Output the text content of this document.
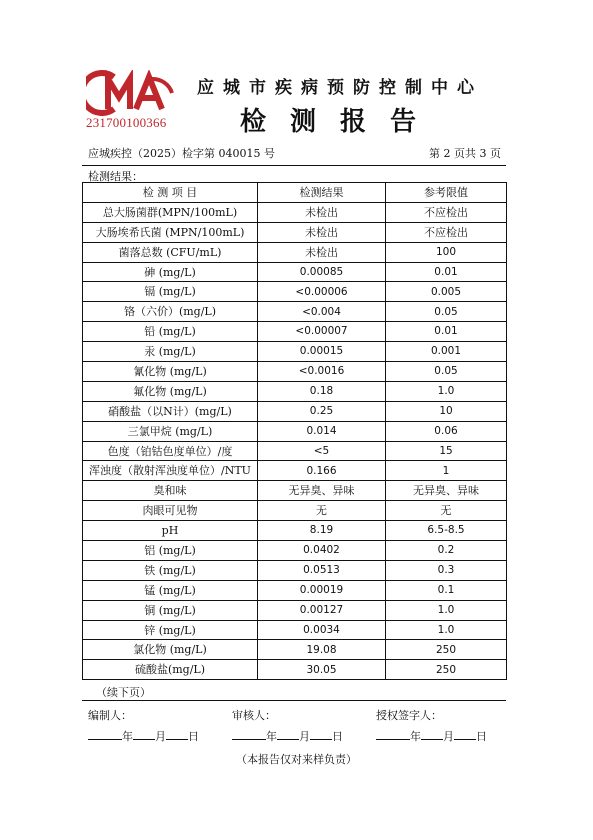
231700100366
应城市疾病预防控制中心
检测报告
应城疾控（2025）检字第 040015 号	第 2 页共 3 页
检测结果：
检 测 项 目	检测结果	参考限值
总大肠菌群(MPN/100mL)	未检出	不应检出
大肠埃希氏菌 (MPN/100mL)	未检出	不应检出
菌落总数 (CFU/mL)	未检出	100
砷 (mg/L)	0.00085	0.01
镉 (mg/L)	<0.00006	0.005
铬（六价）(mg/L)	<0.004	0.05
铅 (mg/L)	<0.00007	0.01
汞 (mg/L)	0.00015	0.001
氰化物 (mg/L)	<0.0016	0.05
氟化物 (mg/L)	0.18	1.0
硝酸盐（以N计）(mg/L)	0.25	10
三氯甲烷 (mg/L)	0.014	0.06
色度（铂钴色度单位）/度	<5	15
浑浊度（散射浑浊度单位）/NTU	0.166	1
臭和味	无异臭、异味	无异臭、异味
肉眼可见物	无	无
pH	8.19	6.5-8.5
铝 (mg/L)	0.0402	0.2
铁 (mg/L)	0.0513	0.3
锰 (mg/L)	0.00019	0.1
铜 (mg/L)	0.00127	1.0
锌 (mg/L)	0.0034	1.0
氯化物 (mg/L)	19.08	250
硫酸盐(mg/L)	30.05	250
（续下页）
编制人：	审核人：	授权签字人：
年 月 日	年 月 日	年 月 日
（本报告仅对来样负责）
